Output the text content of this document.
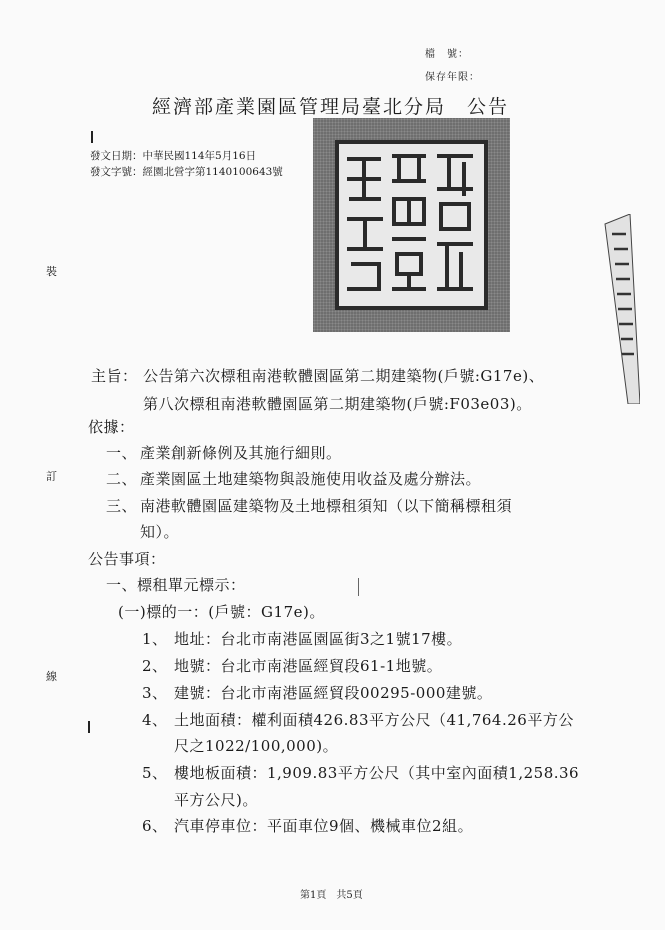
檔　號：
保存年限：
經濟部產業園區管理局臺北分局　公告
發文日期：中華民國114年5月16日
發文字號：經園北營字第1140100643號
裝
訂
線
主旨： 公告第六次標租南港軟體園區第二期建築物(戶號:G17e)、
第八次標租南港軟體園區第二期建築物(戶號:F03e03)。
依據：
一、 產業創新條例及其施行細則。
二、 產業園區土地建築物與設施使用收益及處分辦法。
三、 南港軟體園區建築物及土地標租須知（以下簡稱標租須
知）。
公告事項：
一、標租單元標示：
(一)標的一：(戶號：G17e)。
1、 地址：台北市南港區園區街3之1號17樓。
2、 地號：台北市南港區經貿段61-1地號。
3、 建號：台北市南港區經貿段00295-000建號。
4、 土地面積：權利面積426.83平方公尺（41,764.26平方公
尺之1022/100,000)。
5、 樓地板面積：1,909.83平方公尺（其中室內面積1,258.36
平方公尺)。
6、 汽車停車位：平面車位9個、機械車位2組。
第1頁　共5頁
